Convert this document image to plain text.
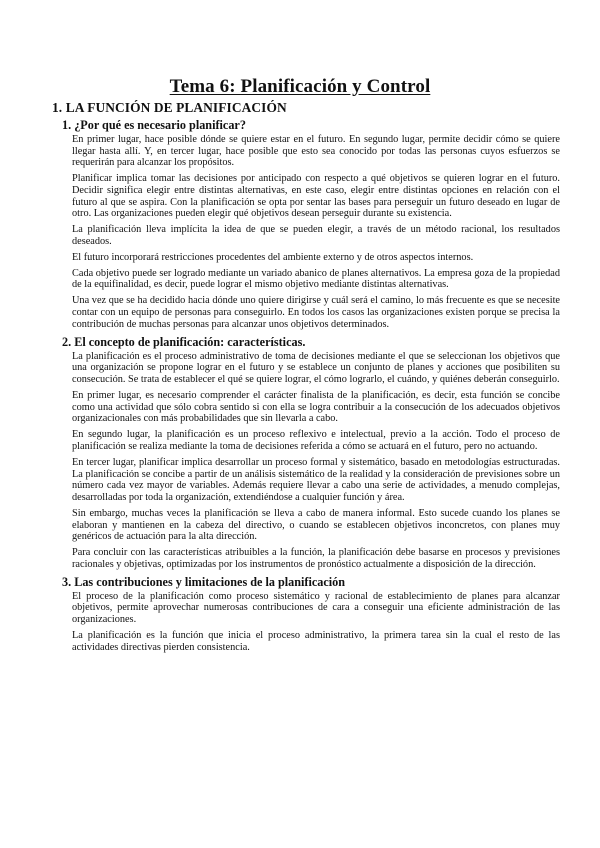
Tema 6: Planificación y Control
1. LA FUNCIÓN DE PLANIFICACIÓN
1. ¿Por qué es necesario planificar?

En primer lugar, hace posible dónde se quiere estar en el futuro. En segundo lugar, permite decidir cómo se quiere llegar hasta allí. Y, en tercer lugar, hace posible que esto sea conocido por todas las personas cuyos esfuerzos se requerirán para alcanzar los propósitos.

Planificar implica tomar las decisiones por anticipado con respecto a qué objetivos se quieren lograr en el futuro. Decidir significa elegir entre distintas alternativas, en este caso, elegir entre distintas opciones en relación con el futuro al que se aspira. Con la planificación se opta por sentar las bases para perseguir un futuro deseado en lugar de otro. Las organizaciones pueden elegir qué objetivos desean perseguir durante su existencia.

La planificación lleva implícita la idea de que se pueden elegir, a través de un método racional, los resultados deseados.

El futuro incorporará restricciones procedentes del ambiente externo y de otros aspectos internos.

Cada objetivo puede ser logrado mediante un variado abanico de planes alternativos. La empresa goza de la propiedad de la equifinalidad, es decir, puede lograr el mismo objetivo mediante distintas alternativas.

Una vez que se ha decidido hacia dónde uno quiere dirigirse y cuál será el camino, lo más frecuente es que se necesite contar con un equipo de personas para conseguirlo. En todos los casos las organizaciones existen porque se precisa la contribución de muchas personas para alcanzar unos objetivos determinados.

2. El concepto de planificación: características.

La planificación es el proceso administrativo de toma de decisiones mediante el que se seleccionan los objetivos que una organización se propone lograr en el futuro y se establece un conjunto de planes y acciones que posibiliten su consecución. Se trata de establecer el qué se quiere lograr, el cómo lograrlo, el cuándo, y quiénes deberán conseguirlo.

En primer lugar, es necesario comprender el carácter finalista de la planificación, es decir, esta función se concibe como una actividad que sólo cobra sentido si con ella se logra contribuir a la consecución de los adecuados objetivos organizacionales con más probabilidades que sin llevarla a cabo.

En segundo lugar, la planificación es un proceso reflexivo e intelectual, previo a la acción. Todo el proceso de planificación se realiza mediante la toma de decisiones referida a cómo se actuará en el futuro, pero no actuando.

En tercer lugar, planificar implica desarrollar un proceso formal y sistemático, basado en metodologías estructuradas. La planificación se concibe a partir de un análisis sistemático de la realidad y la consideración de previsiones sobre un número cada vez mayor de variables. Además requiere llevar a cabo una serie de actividades, a menudo complejas, desarrolladas por toda la organización, extendiéndose a cualquier función y área.

Sin embargo, muchas veces la planificación se lleva a cabo de manera informal. Esto sucede cuando los planes se elaboran y mantienen en la cabeza del directivo, o cuando se establecen objetivos inconcretos, con planes muy genéricos de actuación para la alta dirección.

Para concluir con las características atribuibles a la función, la planificación debe basarse en procesos y previsiones racionales y objetivas, optimizadas por los instrumentos de pronóstico actualmente a disposición de la dirección.

3. Las contribuciones y limitaciones de la planificación

El proceso de la planificación como proceso sistemático y racional de establecimiento de planes para alcanzar objetivos, permite aprovechar numerosas contribuciones de cara a conseguir una eficiente administración de las organizaciones.

La planificación es la función que inicia el proceso administrativo, la primera tarea sin la cual el resto de las actividades directivas pierden consistencia.
